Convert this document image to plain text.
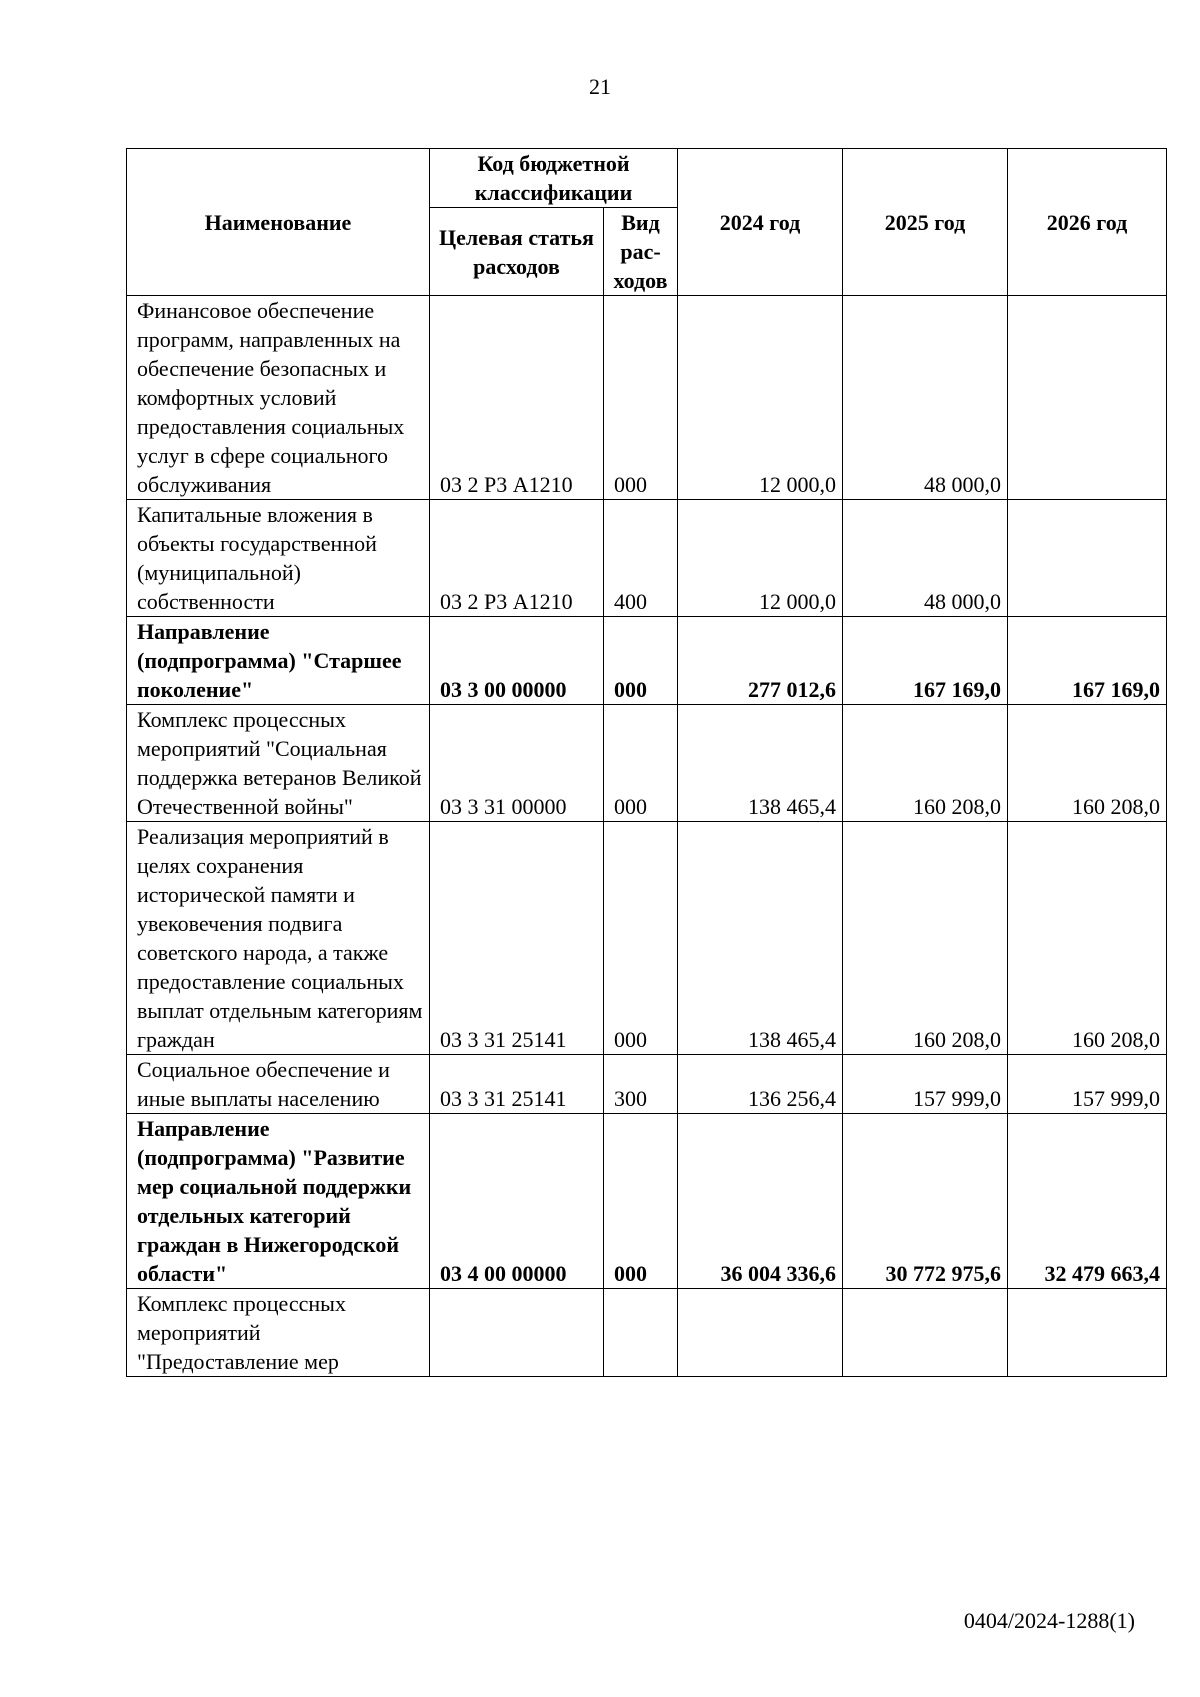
21
Наименование	Код бюджетной классификации		2024 год	2025 год	2026 год
	Целевая статья расходов	Вид рас-ходов			
Финансовое обеспечение программ, направленных на обеспечение безопасных и комфортных условий предоставления социальных услуг в сфере социального обслуживания	03 2 Р3 А1210	000	12 000,0	48 000,0	
Капитальные вложения в объекты государственной (муниципальной) собственности	03 2 Р3 А1210	400	12 000,0	48 000,0	
Направление (подпрограмма) "Старшее поколение"	03 3 00 00000	000	277 012,6	167 169,0	167 169,0
Комплекс процессных мероприятий "Социальная поддержка ветеранов Великой Отечественной войны"	03 3 31 00000	000	138 465,4	160 208,0	160 208,0
Реализация мероприятий в целях сохранения исторической памяти и увековечения подвига советского народа, а также предоставление социальных выплат отдельным категориям граждан	03 3 31 25141	000	138 465,4	160 208,0	160 208,0
Социальное обеспечение и иные выплаты населению	03 3 31 25141	300	136 256,4	157 999,0	157 999,0
Направление (подпрограмма) "Развитие мер социальной поддержки отдельных категорий граждан в Нижегородской области"	03 4 00 00000	000	36 004 336,6	30 772 975,6	32 479 663,4
Комплекс процессных мероприятий "Предоставление мер					
0404/2024-1288(1)
